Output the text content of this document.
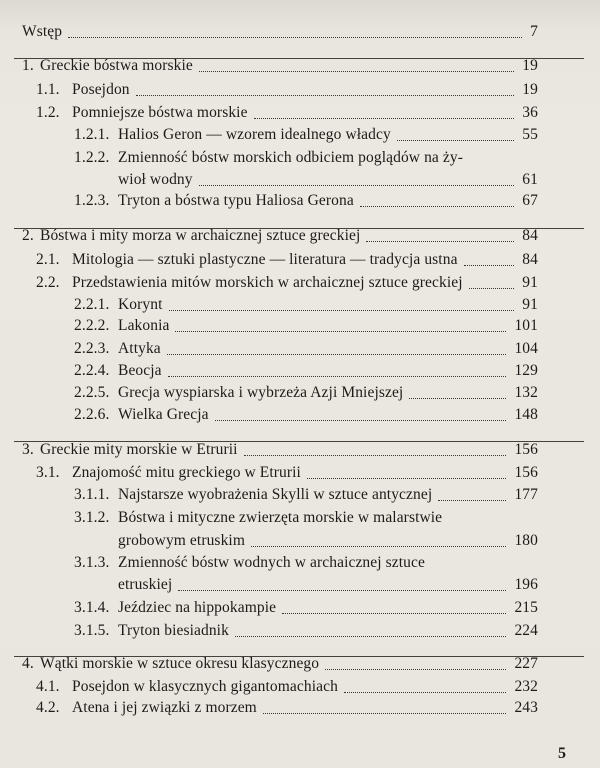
Wstęp	7
1. Greckie bóstwa morskie	19
1.1. Posejdon	19
1.2. Pomniejsze bóstwa morskie	36
1.2.1. Halios Geron — wzorem idealnego władcy	55
1.2.2. Zmienność bóstw morskich odbiciem poglądów na ży-
wioł wodny	61
1.2.3. Tryton a bóstwa typu Haliosa Gerona	67
2. Bóstwa i mity morza w archaicznej sztuce greckiej	84
2.1. Mitologia — sztuki plastyczne — literatura — tradycja ustna	84
2.2. Przedstawienia mitów morskich w archaicznej sztuce greckiej	91
2.2.1. Korynt	91
2.2.2. Lakonia	101
2.2.3. Attyka	104
2.2.4. Beocja	129
2.2.5. Grecja wyspiarska i wybrzeża Azji Mniejszej	132
2.2.6. Wielka Grecja	148
3. Greckie mity morskie w Etrurii	156
3.1. Znajomość mitu greckiego w Etrurii	156
3.1.1. Najstarsze wyobrażenia Skylli w sztuce antycznej	177
3.1.2. Bóstwa i mityczne zwierzęta morskie w malarstwie
grobowym etruskim	180
3.1.3. Zmienność bóstw wodnych w archaicznej sztuce
etruskiej	196
3.1.4. Jeździec na hippokampie	215
3.1.5. Tryton biesiadnik	224
4. Wątki morskie w sztuce okresu klasycznego	227
4.1. Posejdon w klasycznych gigantomachiach	232
4.2. Atena i jej związki z morzem	243
5
